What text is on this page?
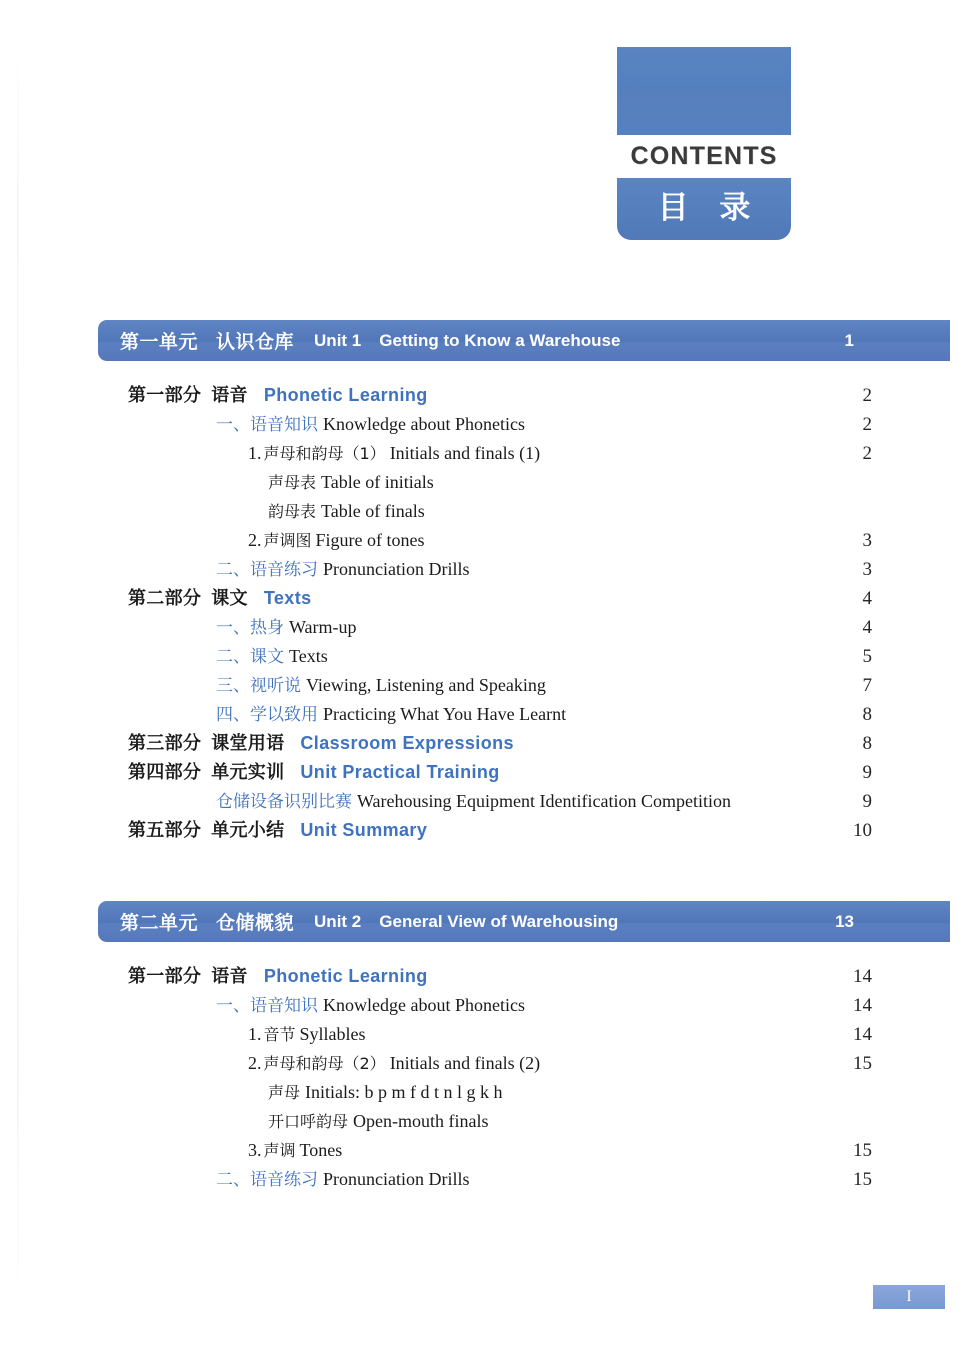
CONTENTS
目 录
第一单元 认识仓库 Unit 1 Getting to Know a Warehouse	1
第一部分 语音 Phonetic Learning	2
一、语音知识 Knowledge about Phonetics	2
1. 声母和韵母（1） Initials and finals (1)	2
声母表 Table of initials
韵母表 Table of finals
2. 声调图 Figure of tones	3
二、语音练习 Pronunciation Drills	3
第二部分 课文 Texts	4
一、热身 Warm-up	4
二、课文 Texts	5
三、视听说 Viewing, Listening and Speaking	7
四、学以致用 Practicing What You Have Learnt	8
第三部分 课堂用语 Classroom Expressions	8
第四部分 单元实训 Unit Practical Training	9
仓储设备识别比赛 Warehousing Equipment Identification Competition	9
第五部分 单元小结 Unit Summary	10
第二单元 仓储概貌 Unit 2 General View of Warehousing	13
第一部分 语音 Phonetic Learning	14
一、语音知识 Knowledge about Phonetics	14
1. 音节 Syllables	14
2. 声母和韵母（2） Initials and finals (2)	15
声母 Initials: b p m f d t n l g k h
开口呼韵母 Open-mouth finals
3. 声调 Tones	15
二、语音练习 Pronunciation Drills	15
I
